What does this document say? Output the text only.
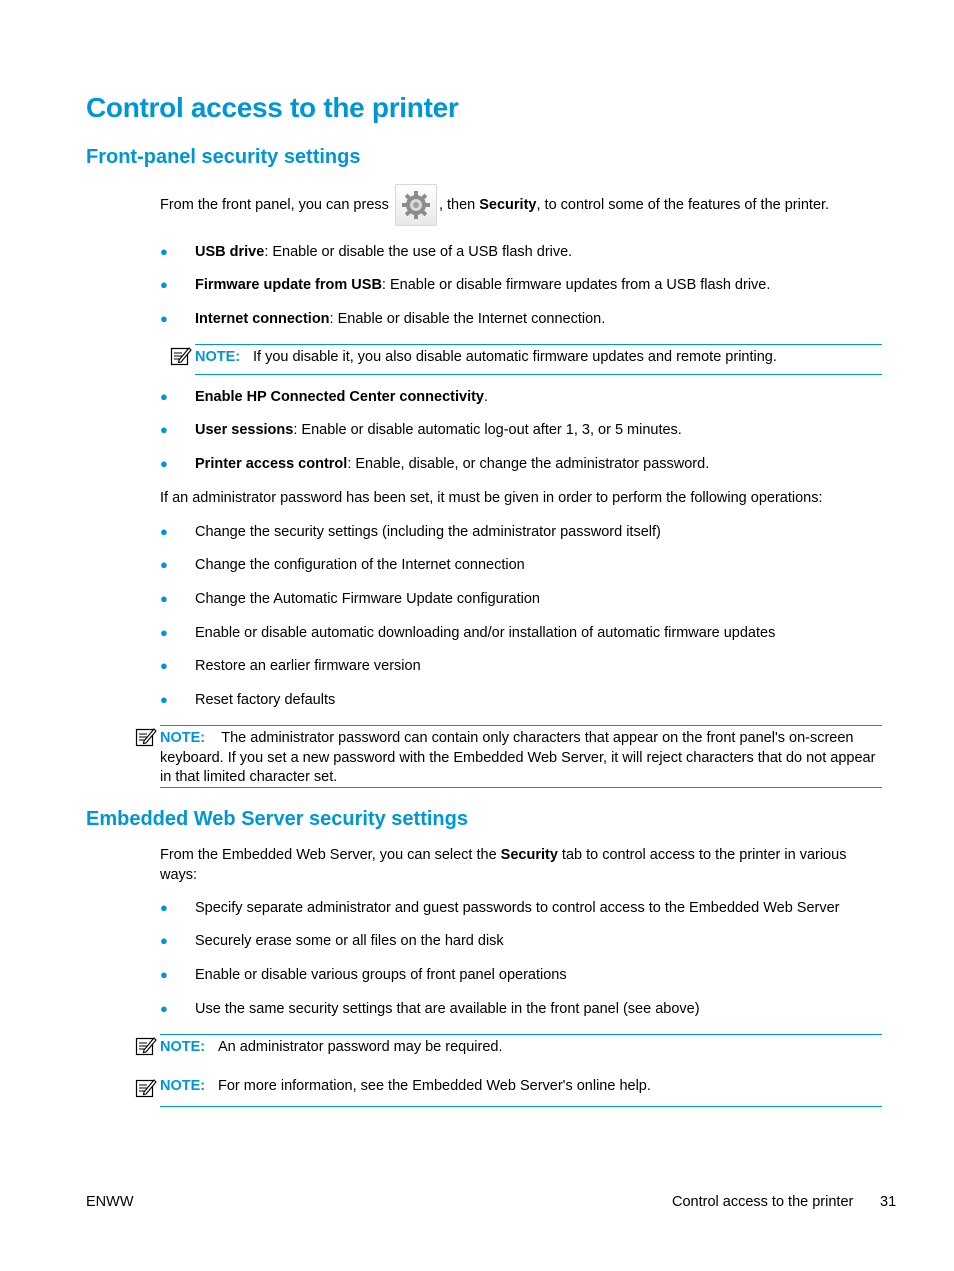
Control access to the printer
Front-panel security settings
From the front panel, you can press	, then Security, to control some of the features of the printer.
●	USB drive: Enable or disable the use of a USB flash drive.
●	Firmware update from USB: Enable or disable firmware updates from a USB flash drive.
●	Internet connection: Enable or disable the Internet connection.
NOTE: If you disable it, you also disable automatic firmware updates and remote printing.
●	Enable HP Connected Center connectivity.
●	User sessions: Enable or disable automatic log-out after 1, 3, or 5 minutes.
●	Printer access control: Enable, disable, or change the administrator password.

If an administrator password has been set, it must be given in order to perform the following operations:

●	Change the security settings (including the administrator password itself)
●	Change the configuration of the Internet connection
●	Change the Automatic Firmware Update configuration
●	Enable or disable automatic downloading and/or installation of automatic firmware updates
●	Restore an earlier firmware version
●	Reset factory defaults
NOTE: The administrator password can contain only characters that appear on the front panel's on-screen keyboard. If you set a new password with the Embedded Web Server, it will reject characters that do not appear in that limited character set.
Embedded Web Server security settings

From the Embedded Web Server, you can select the Security tab to control access to the printer in various ways:

●	Specify separate administrator and guest passwords to control access to the Embedded Web Server
●	Securely erase some or all files on the hard disk
●	Enable or disable various groups of front panel operations
●	Use the same security settings that are available in the front panel (see above)
NOTE: An administrator password may be required.
NOTE: For more information, see the Embedded Web Server's online help.
ENWW	Control access to the printer 31
